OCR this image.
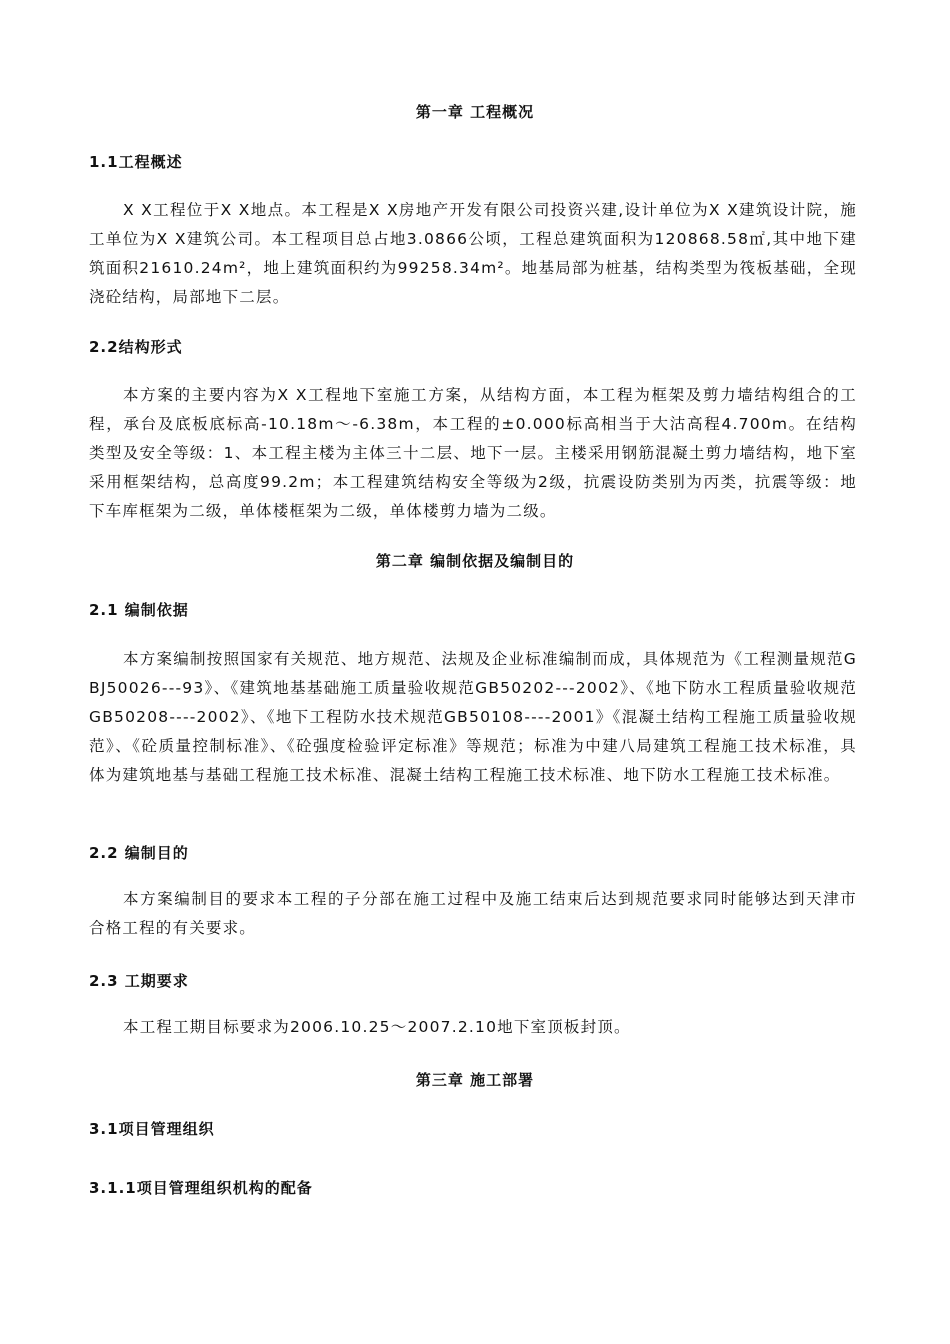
第一章 工程概况
1.1工程概述

X X工程位于X X地点。本工程是X X房地产开发有限公司投资兴建,设计单位为X X建筑设计院，施工单位为X X建筑公司。本工程项目总占地3.0866公顷，工程总建筑面积为120868.58㎡,其中地下建筑面积21610.24m²，地上建筑面积约为99258.34m²。地基局部为桩基，结构类型为筏板基础，全现浇砼结构，局部地下二层。

2.2结构形式

本方案的主要内容为X X工程地下室施工方案，从结构方面，本工程为框架及剪力墙结构组合的工程，承台及底板底标高-10.18m～-6.38m，本工程的±0.000标高相当于大沽高程4.700m。在结构类型及安全等级：1、本工程主楼为主体三十二层、地下一层。主楼采用钢筋混凝土剪力墙结构，地下室采用框架结构，总高度99.2m；本工程建筑结构安全等级为2级，抗震设防类别为丙类，抗震等级：地下车库框架为二级，单体楼框架为二级，单体楼剪力墙为二级。

第二章 编制依据及编制目的
2.1 编制依据

本方案编制按照国家有关规范、地方规范、法规及企业标准编制而成，具体规范为《工程测量规范GBJ50026---93》、《建筑地基基础施工质量验收规范GB50202---2002》、《地下防水工程质量验收规范GB50208----2002》、《地下工程防水技术规范GB50108----2001》《混凝土结构工程施工质量验收规范》、《砼质量控制标准》、《砼强度检验评定标准》等规范；标准为中建八局建筑工程施工技术标准，具体为建筑地基与基础工程施工技术标准、混凝土结构工程施工技术标准、地下防水工程施工技术标准。

2.2 编制目的

本方案编制目的要求本工程的子分部在施工过程中及施工结束后达到规范要求同时能够达到天津市合格工程的有关要求。

2.3 工期要求

本工程工期目标要求为2006.10.25～2007.2.10地下室顶板封顶。

第三章 施工部署
3.1项目管理组织
3.1.1项目管理组织机构的配备
